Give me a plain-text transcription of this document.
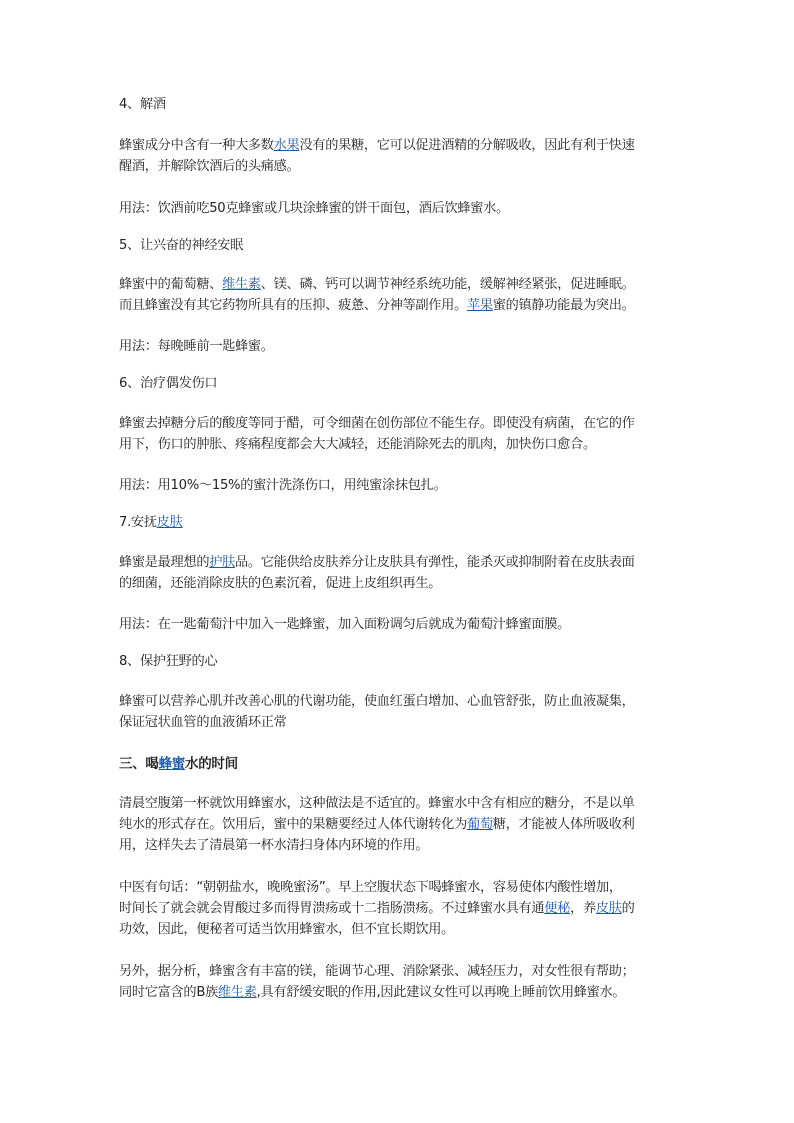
4、解酒

蜂蜜成分中含有一种大多数水果没有的果糖，它可以促进酒精的分解吸收，因此有利于快速
醒酒，并解除饮酒后的头痛感。

用法：饮酒前吃50克蜂蜜或几块涂蜂蜜的饼干面包，酒后饮蜂蜜水。

5、让兴奋的神经安眠

蜂蜜中的葡萄糖、维生素、镁、磷、钙可以调节神经系统功能，缓解神经紧张，促进睡眠。
而且蜂蜜没有其它药物所具有的压抑、疲惫、分神等副作用。苹果蜜的镇静功能最为突出。

用法：每晚睡前一匙蜂蜜。

6、治疗偶发伤口

蜂蜜去掉糖分后的酸度等同于醋，可令细菌在创伤部位不能生存。即使没有病菌，在它的作
用下，伤口的肿胀、疼痛程度都会大大减轻，还能消除死去的肌肉，加快伤口愈合。

用法：用10%～15%的蜜汁洗涤伤口，用纯蜜涂抹包扎。

7.安抚皮肤

蜂蜜是最理想的护肤品。它能供给皮肤养分让皮肤具有弹性，能杀灭或抑制附着在皮肤表面
的细菌，还能消除皮肤的色素沉着，促进上皮组织再生。

用法：在一匙葡萄汁中加入一匙蜂蜜，加入面粉调匀后就成为葡萄汁蜂蜜面膜。

8、保护狂野的心

蜂蜜可以营养心肌并改善心肌的代谢功能，使血红蛋白增加、心血管舒张，防止血液凝集，
保证冠状血管的血液循环正常

三、喝蜂蜜水的时间

清晨空腹第一杯就饮用蜂蜜水，这种做法是不适宜的。蜂蜜水中含有相应的糖分，不是以单
纯水的形式存在。饮用后，蜜中的果糖要经过人体代谢转化为葡萄糖，才能被人体所吸收利
用，这样失去了清晨第一杯水清扫身体内环境的作用。

中医有句话：“朝朝盐水，晚晚蜜汤”。早上空腹状态下喝蜂蜜水，容易使体内酸性增加，
时间长了就会就会胃酸过多而得胃溃疡或十二指肠溃疡。不过蜂蜜水具有通便秘，养皮肤的
功效，因此，便秘者可适当饮用蜂蜜水，但不宜长期饮用。

另外，据分析，蜂蜜含有丰富的镁，能调节心理、消除紧张、减轻压力，对女性很有帮助；
同时它富含的B族维生素,具有舒缓安眠的作用,因此建议女性可以再晚上睡前饮用蜂蜜水。
